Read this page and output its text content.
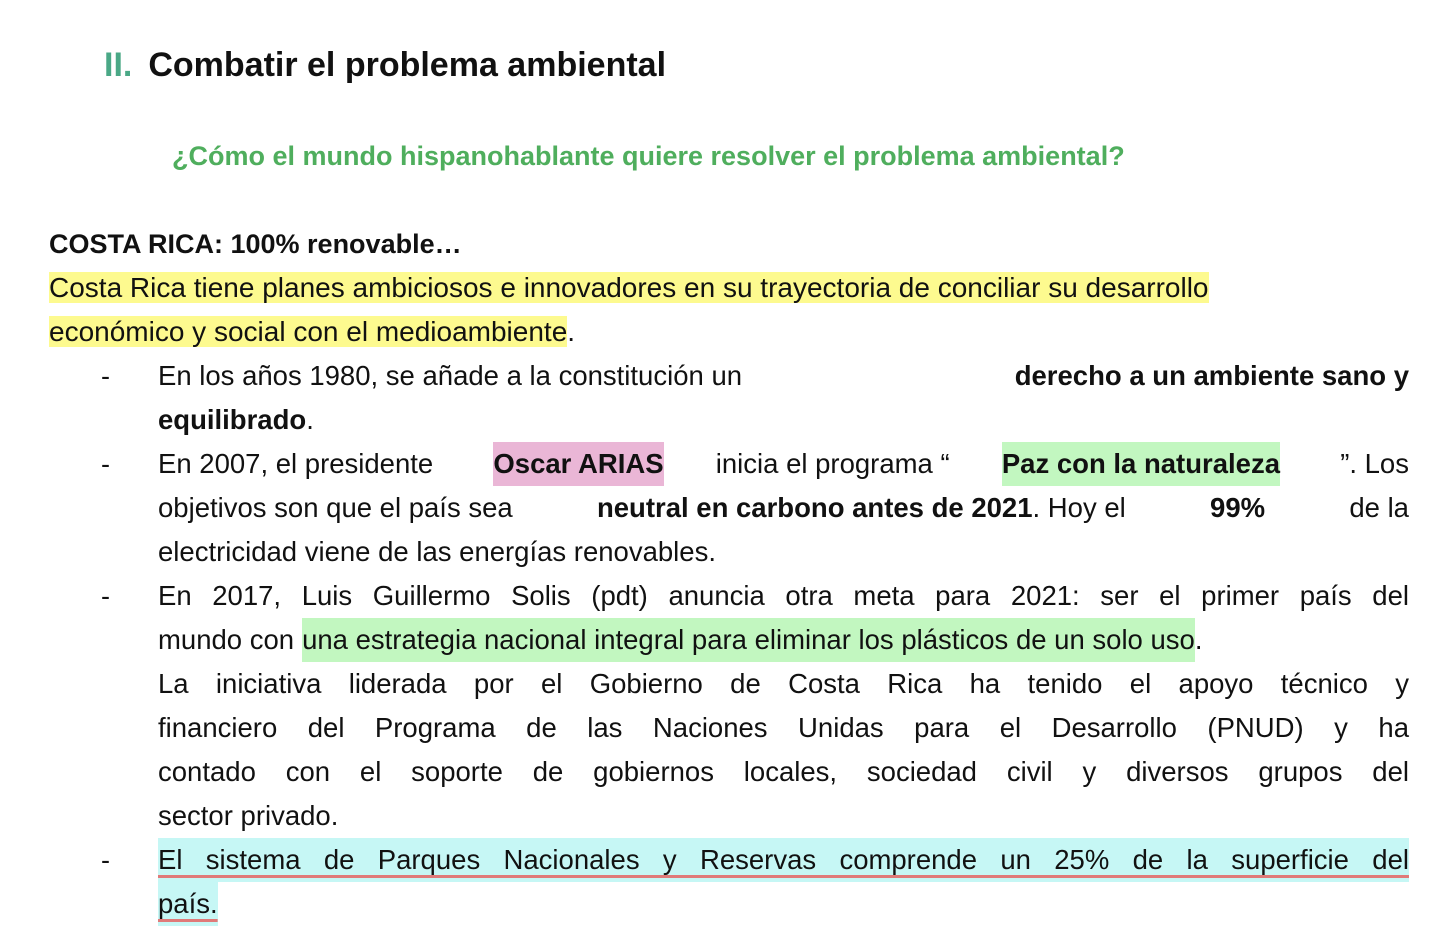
II. Combatir el problema ambiental
¿Cómo el mundo hispanohablante quiere resolver el problema ambiental?
COSTA RICA: 100% renovable…
Costa Rica tiene planes ambiciosos e innovadores en su trayectoria de conciliar su desarrollo
económico y social con el medioambiente.
- En los años 1980, se añade a la constitución un	derecho a un ambiente sano y
equilibrado .
- En 2007, el presidente Oscar ARIAS inicia el programa “ Paz con la naturaleza ”. Los
objetivos son que el país sea	neutral en carbono antes de 2021. Hoy el	99%	de la
electricidad viene de las energías renovables.
- En 2017, Luis Guillermo Solis (pdt) anuncia otra meta para 2021: ser el primer país del
mundo con una estrategia nacional integral para eliminar los plásticos de un solo uso .
La iniciativa liderada por el Gobierno de Costa Rica ha tenido el apoyo técnico y
financiero del Programa de las Naciones Unidas para el Desarrollo (PNUD) y ha
contado con el soporte de gobiernos locales, sociedad civil y diversos grupos del
sector privado.
- El sistema de Parques Nacionales y Reservas comprende un 25% de la superficie del
país.
